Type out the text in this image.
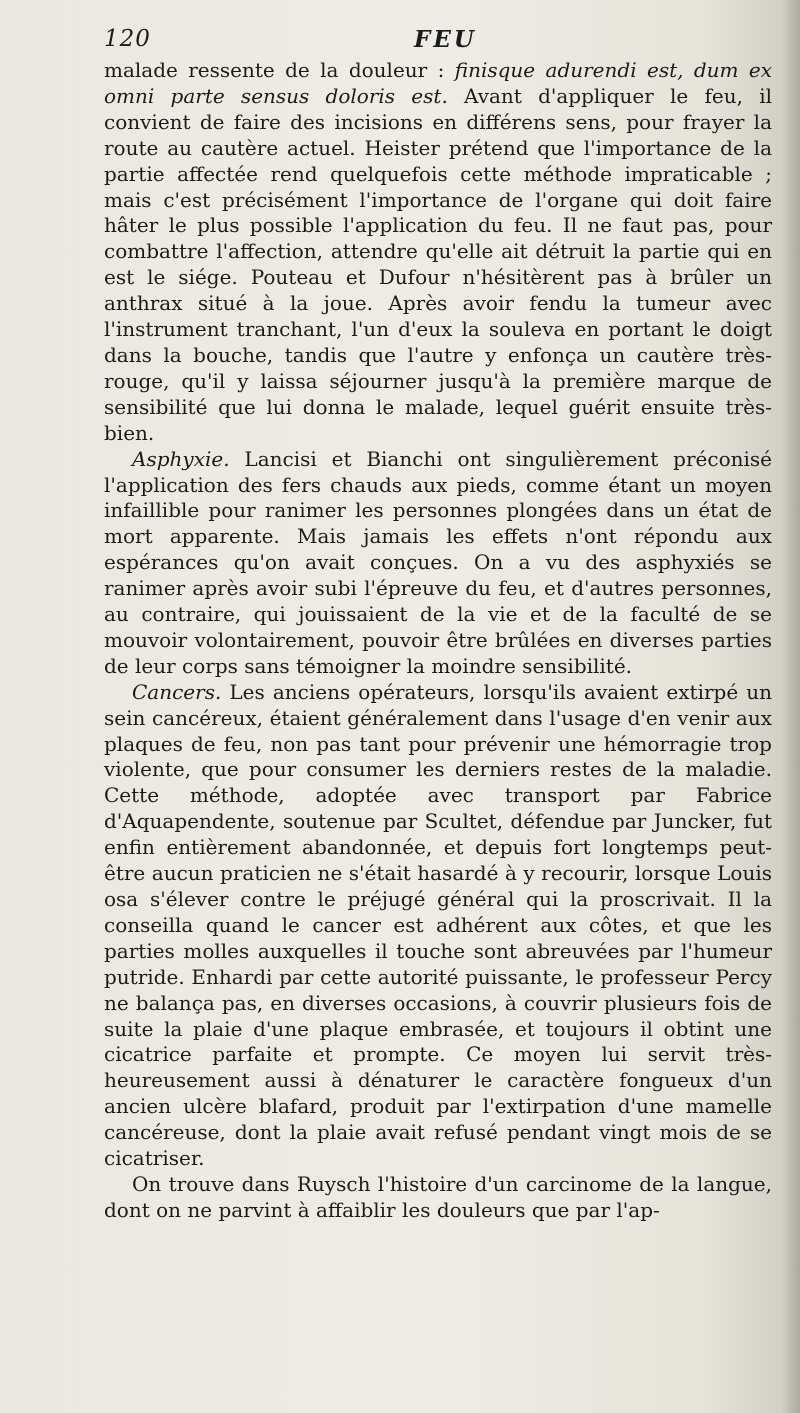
120	FEU

malade ressente de la douleur : finisque adurendi est, dum ex omni parte sensus doloris est. Avant d'appliquer le feu, il convient de faire des incisions en différens sens, pour frayer la route au cautère actuel. Heister prétend que l'importance de la partie affectée rend quelquefois cette méthode impraticable ; mais c'est précisément l'importance de l'organe qui doit faire hâter le plus possible l'application du feu. Il ne faut pas, pour combattre l'affection, attendre qu'elle ait détruit la partie qui en est le siége. Pouteau et Dufour n'hésitèrent pas à brûler un anthrax situé à la joue. Après avoir fendu la tumeur avec l'instrument tranchant, l'un d'eux la souleva en portant le doigt dans la bouche, tandis que l'autre y enfonça un cautère très-rouge, qu'il y laissa séjourner jusqu'à la première marque de sensibilité que lui donna le malade, lequel guérit ensuite très-bien.

Asphyxie. Lancisi et Bianchi ont singulièrement préconisé l'application des fers chauds aux pieds, comme étant un moyen infaillible pour ranimer les personnes plongées dans un état de mort apparente. Mais jamais les effets n'ont répondu aux espérances qu'on avait conçues. On a vu des asphyxiés se ranimer après avoir subi l'épreuve du feu, et d'autres personnes, au contraire, qui jouissaient de la vie et de la faculté de se mouvoir volontairement, pouvoir être brûlées en diverses parties de leur corps sans témoigner la moindre sensibilité.

Cancers. Les anciens opérateurs, lorsqu'ils avaient extirpé un sein cancéreux, étaient généralement dans l'usage d'en venir aux plaques de feu, non pas tant pour prévenir une hémorragie trop violente, que pour consumer les derniers restes de la maladie. Cette méthode, adoptée avec transport par Fabrice d'Aquapendente, soutenue par Scultet, défendue par Juncker, fut enfin entièrement abandonnée, et depuis fort longtemps peut-être aucun praticien ne s'était hasardé à y recourir, lorsque Louis osa s'élever contre le préjugé général qui la proscrivait. Il la conseilla quand le cancer est adhérent aux côtes, et que les parties molles auxquelles il touche sont abreuvées par l'humeur putride. Enhardi par cette autorité puissante, le professeur Percy ne balança pas, en diverses occasions, à couvrir plusieurs fois de suite la plaie d'une plaque embrasée, et toujours il obtint une cicatrice parfaite et prompte. Ce moyen lui servit très-heureusement aussi à dénaturer le caractère fongueux d'un ancien ulcère blafard, produit par l'extirpation d'une mamelle cancéreuse, dont la plaie avait refusé pendant vingt mois de se cicatriser.

On trouve dans Ruysch l'histoire d'un carcinome de la langue, dont on ne parvint à affaiblir les douleurs que par l'ap-
